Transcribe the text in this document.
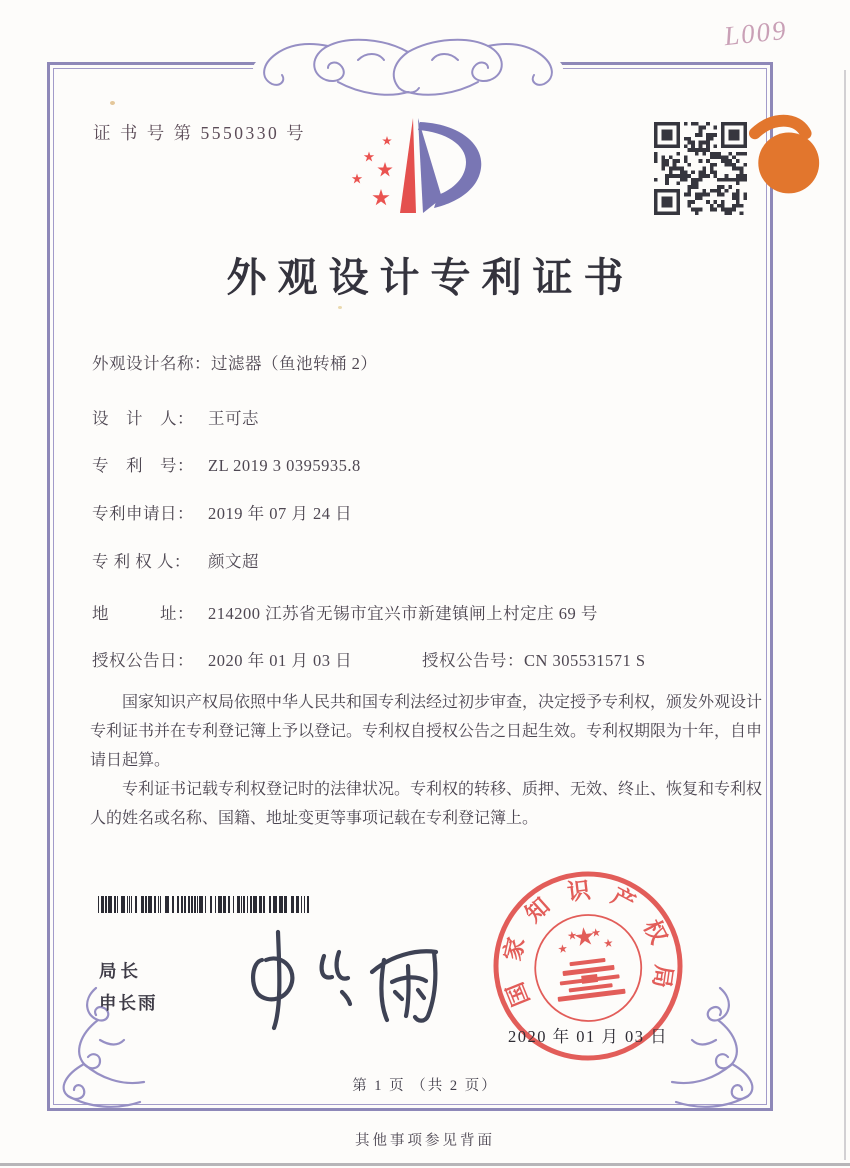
L009
证 书 号 第 5550330 号
外观设计专利证书
外观设计名称：过滤器（鱼池转桶 2）
设　计　人： 王可志
专　利　号： ZL 2019 3 0395935.8
专利申请日： 2019 年 07 月 24 日
专 利 权 人： 颜文超
地　　　址： 214200 江苏省无锡市宜兴市新建镇闸上村定庄 69 号
授权公告日： 2020 年 01 月 03 日	授权公告号：CN 305531571 S

国家知识产权局依照中华人民共和国专利法经过初步审查，决定授予专利权，颁发外观设计专利证书并在专利登记簿上予以登记。专利权自授权公告之日起生效。专利权期限为十年，自申请日起算。

专利证书记载专利权登记时的法律状况。专利权的转移、质押、无效、终止、恢复和专利权人的姓名或名称、国籍、地址变更等事项记载在专利登记簿上。

局长
申长雨	国
家
知
识 产
权
局
2020 年 01 月 03 日
第 1 页 （共 2 页）
其他事项参见背面
